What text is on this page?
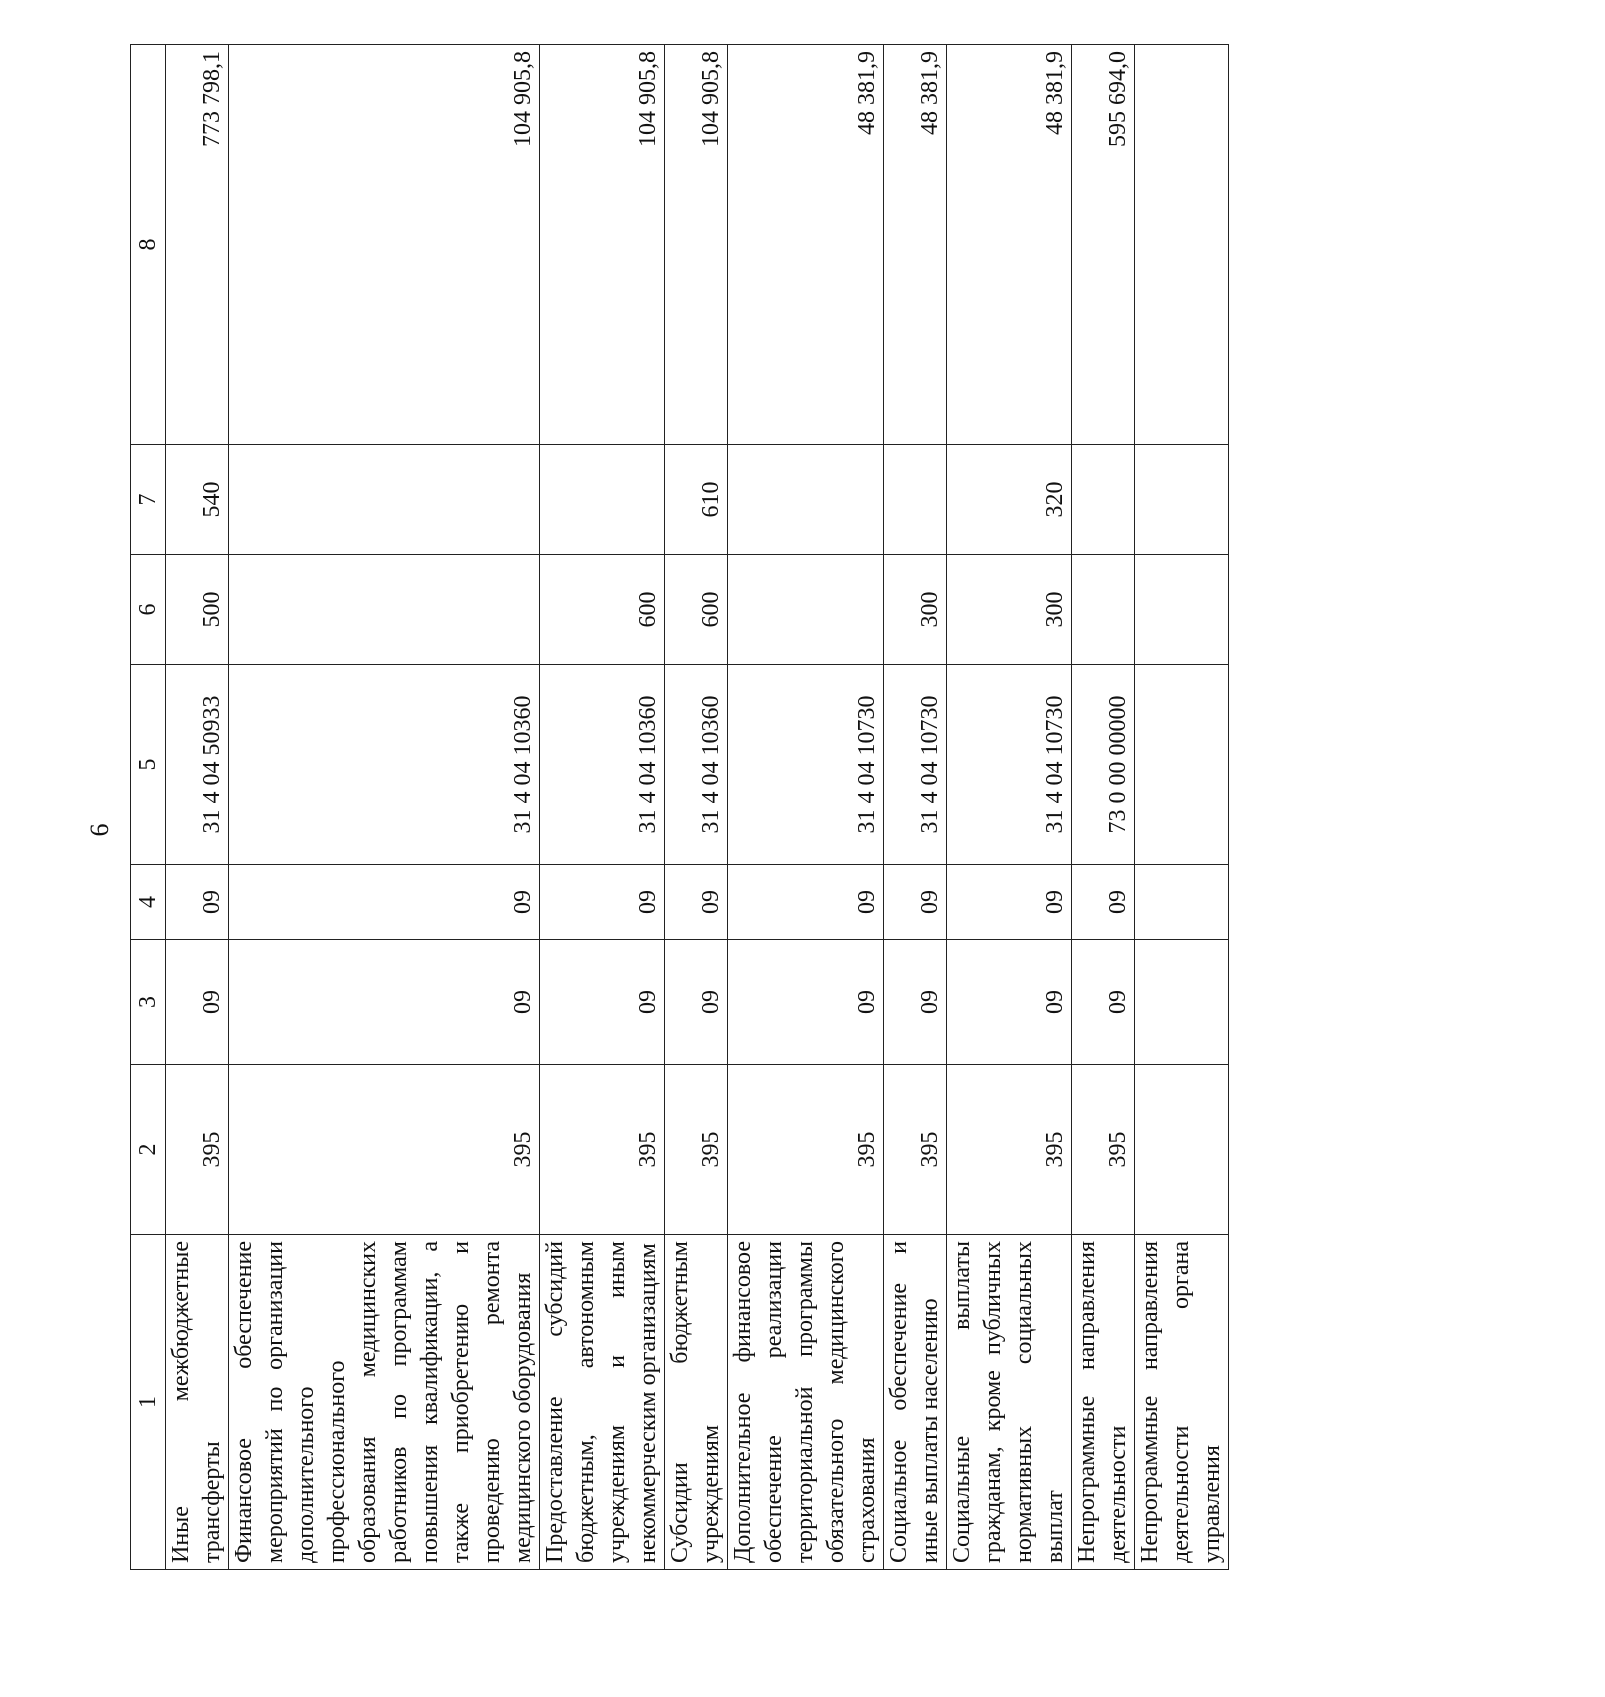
6
1	2	3	4	5	6	7	8
Иные межбюджетные трансферты	395	09	09	31 4 04 50933	500	540	773 798,1
Финансовое обеспечение мероприятий по организации дополнительного профессионального образования медицинских работников по программам повышения квалификации, а также приобретению и проведению ремонта медицинского оборудования	395	09	09	31 4 04 10360			104 905,8
Предоставление субсидий бюджетным, автономным учреждениям и иным некоммерческим организациям	395	09	09	31 4 04 10360	600		104 905,8
Субсидии бюджетным учреждениям	395	09	09	31 4 04 10360	600	610	104 905,8
Дополнительное финансовое обеспечение реализации территориальной программы обязательного медицинского страхования	395	09	09	31 4 04 10730			48 381,9
Социальное обеспечение и иные выплаты населению	395	09	09	31 4 04 10730	300		48 381,9
Социальные выплаты гражданам, кроме публичных нормативных социальных выплат	395	09	09	31 4 04 10730	300	320	48 381,9
Непрограммные направления деятельности	395	09	09	73 0 00 00000			595 694,0
Непрограммные направления деятельности органа управления							
